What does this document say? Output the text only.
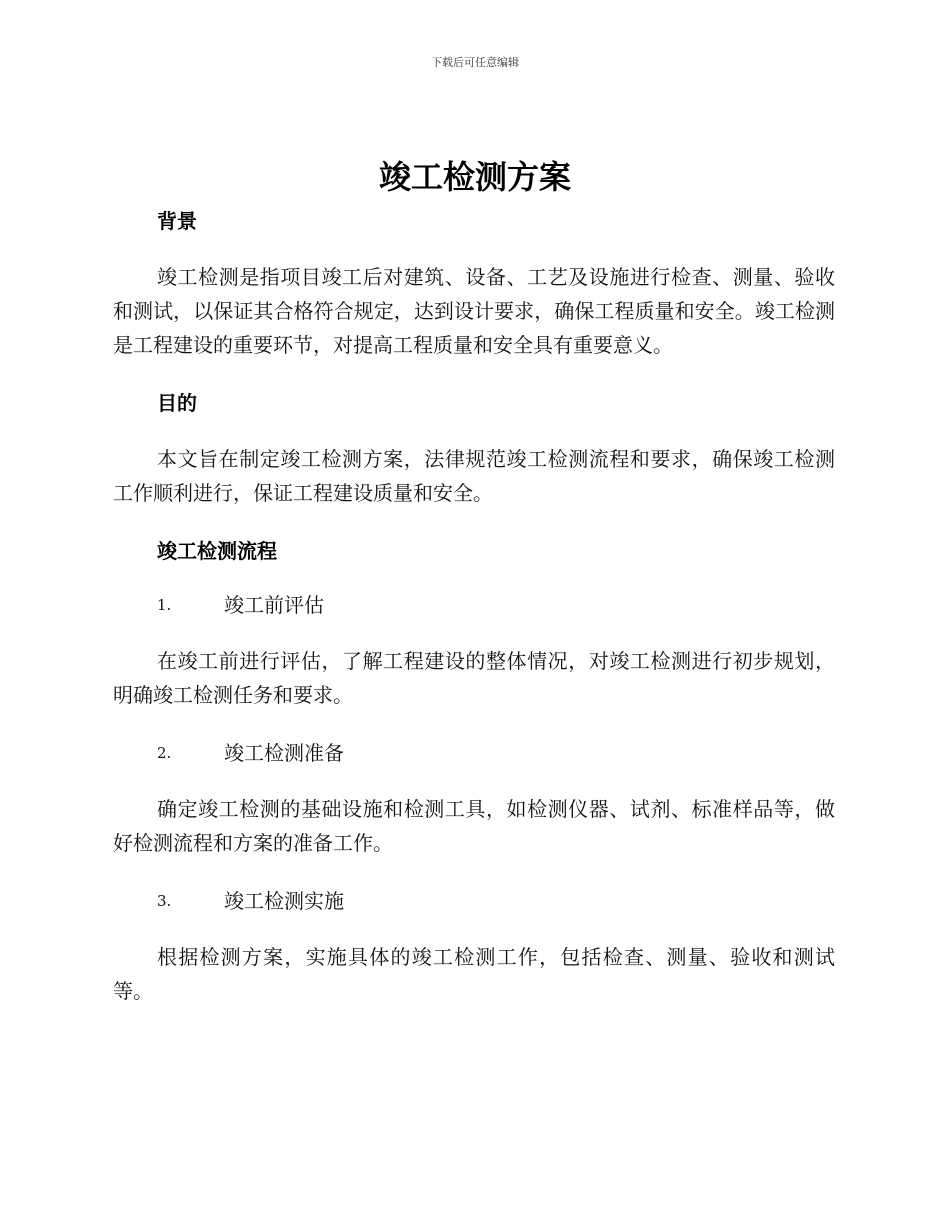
下载后可任意编辑
竣工检测方案
背景

竣工检测是指项目竣工后对建筑、设备、工艺及设施进行检查、测量、验收和测试，以保证其合格符合规定，达到设计要求，确保工程质量和安全。竣工检测是工程建设的重要环节，对提高工程质量和安全具有重要意义。

目的

本文旨在制定竣工检测方案，法律规范竣工检测流程和要求，确保竣工检测工作顺利进行，保证工程建设质量和安全。

竣工检测流程
1.	竣工前评估

在竣工前进行评估，了解工程建设的整体情况，对竣工检测进行初步规划，明确竣工检测任务和要求。

2.	竣工检测准备

确定竣工检测的基础设施和检测工具，如检测仪器、试剂、标准样品等，做好检测流程和方案的准备工作。

3.	竣工检测实施

根据检测方案，实施具体的竣工检测工作，包括检查、测量、验收和测试等。
